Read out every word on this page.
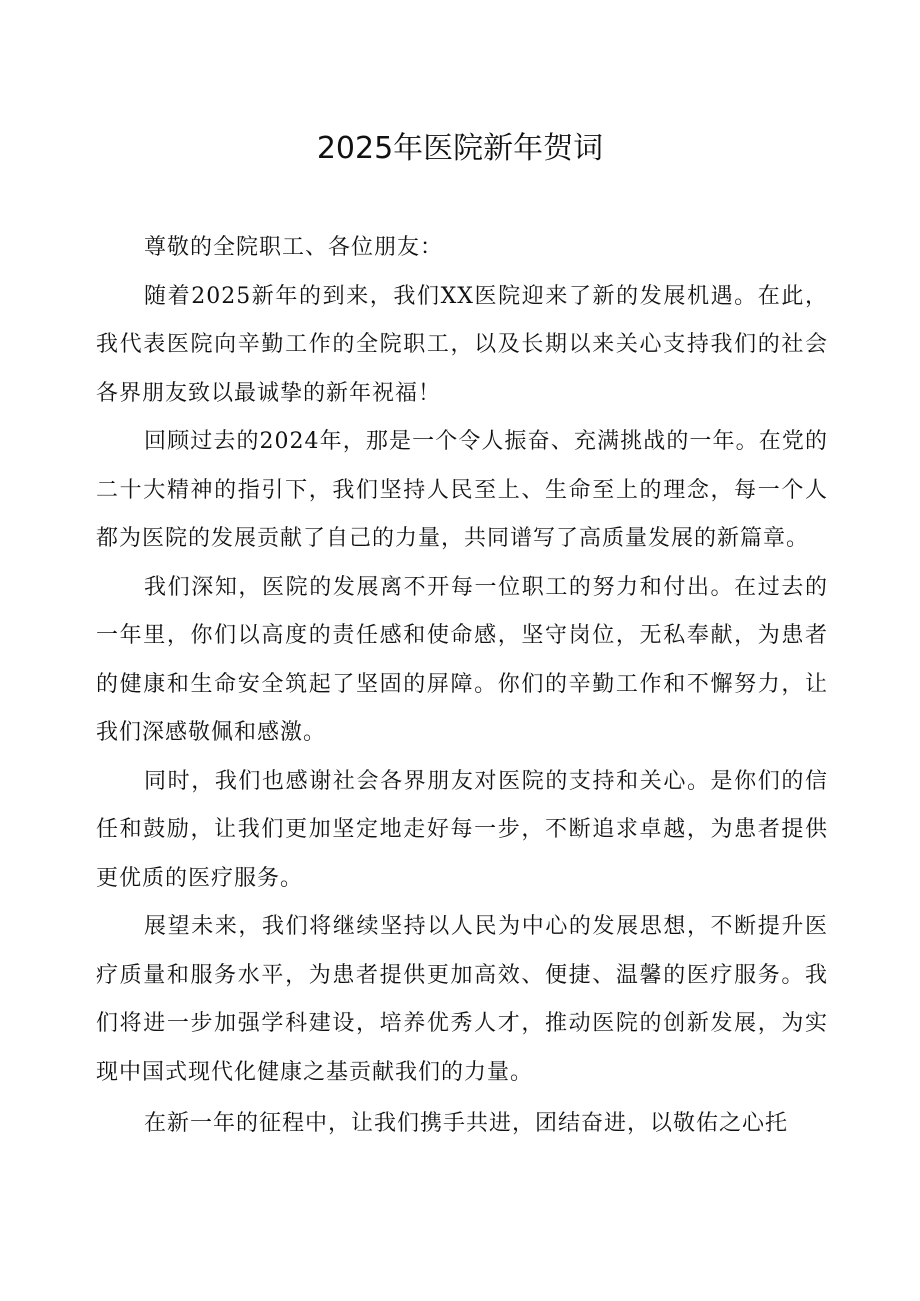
2025年医院新年贺词

尊敬的全院职工、各位朋友：

随着2025新年的到来，我们XX医院迎来了新的发展机遇。在此，我代表医院向辛勤工作的全院职工，以及长期以来关心支持我们的社会各界朋友致以最诚挚的新年祝福！

回顾过去的2024年，那是一个令人振奋、充满挑战的一年。在党的二十大精神的指引下，我们坚持人民至上、生命至上的理念，每一个人都为医院的发展贡献了自己的力量，共同谱写了高质量发展的新篇章。

我们深知，医院的发展离不开每一位职工的努力和付出。在过去的一年里，你们以高度的责任感和使命感，坚守岗位，无私奉献，为患者的健康和生命安全筑起了坚固的屏障。你们的辛勤工作和不懈努力，让我们深感敬佩和感激。

同时，我们也感谢社会各界朋友对医院的支持和关心。是你们的信任和鼓励，让我们更加坚定地走好每一步，不断追求卓越，为患者提供更优质的医疗服务。

展望未来，我们将继续坚持以人民为中心的发展思想，不断提升医疗质量和服务水平，为患者提供更加高效、便捷、温馨的医疗服务。我们将进一步加强学科建设，培养优秀人才，推动医院的创新发展，为实现中国式现代化健康之基贡献我们的力量。

在新一年的征程中，让我们携手共进，团结奋进，以敬佑之心托
